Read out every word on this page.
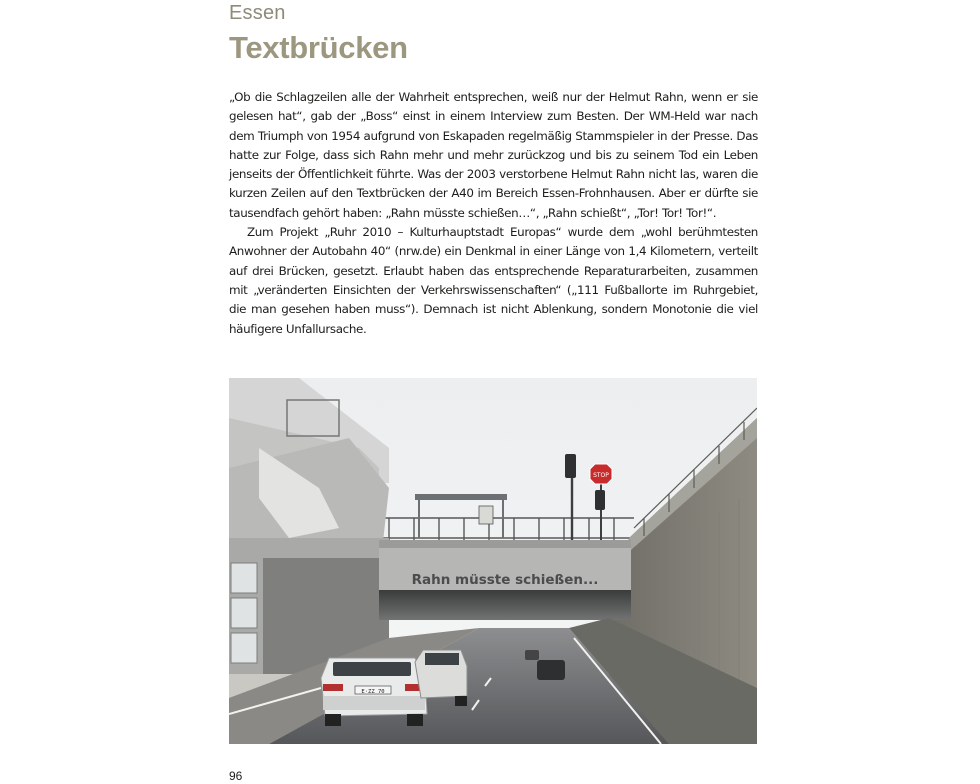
Essen
Textbrücken

„Ob die Schlagzeilen alle der Wahrheit entsprechen, weiß nur der Helmut Rahn, wenn er sie gelesen hat“, gab der „Boss“ einst in einem Interview zum Besten. Der WM-Held war nach dem Triumph von 1954 aufgrund von Eskapaden regelmäßig Stammspieler in der Presse. Das hatte zur Folge, dass sich Rahn mehr und mehr zurückzog und bis zu seinem Tod ein Leben jenseits der Öffentlichkeit führte. Was der 2003 verstorbene Helmut Rahn nicht las, waren die kurzen Zeilen auf den Textbrücken der A40 im Bereich Essen-Frohnhausen. Aber er dürfte sie tausendfach gehört haben: „Rahn müsste schießen…“, „Rahn schießt“, „Tor! Tor! Tor!“.

Zum Projekt „Ruhr 2010 – Kulturhauptstadt Europas“ wurde dem „wohl berühmtesten Anwohner der Autobahn 40“ (nrw.de) ein Denkmal in einer Länge von 1,4 Kilometern, verteilt auf drei Brücken, gesetzt. Erlaubt haben das entsprechende Reparaturarbeiten, zusammen mit „veränderten Einsichten der Verkehrswissenschaften“ („111 Fußballorte im Ruhrgebiet, die man gesehen haben muss“). Demnach ist nicht Ablenkung, sondern Monotonie die viel häufigere Unfallursache.

STOP
Rahn müsste schießen...
E·ZZ 70
96
